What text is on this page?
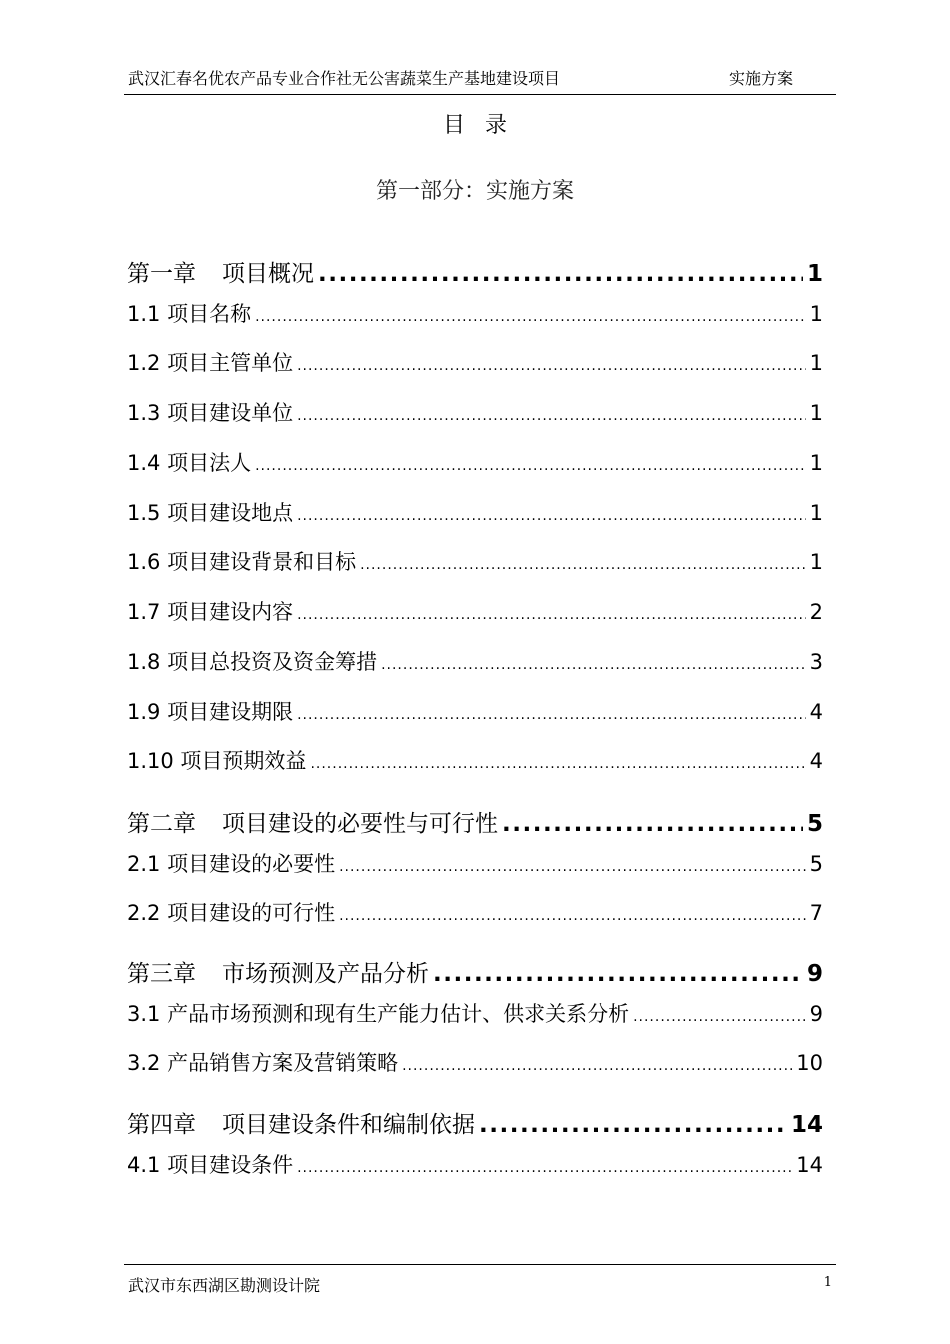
武汉汇春名优农产品专业合作社无公害蔬菜生产基地建设项目	实施方案
目录
第一部分：实施方案
第一章 项目概况 .....	1
1.1 项目名称 .....	1
1.2 项目主管单位 .....	1
1.3 项目建设单位 .....	1
1.4 项目法人 .....	1
1.5 项目建设地点 .....	1
1.6 项目建设背景和目标 .....	1
1.7 项目建设内容 .....	2
1.8 项目总投资及资金筹措 .....	3
1.9 项目建设期限 .....	4
1.10 项目预期效益 .....	4
第二章 项目建设的必要性与可行性 .....	5
2.1 项目建设的必要性 .....	5
2.2 项目建设的可行性 .....	7
第三章 市场预测及产品分析 .....	9
3.1 产品市场预测和现有生产能力估计、供求关系分析 .....	9
3.2 产品销售方案及营销策略 .....	10
第四章 项目建设条件和编制依据 .....	14
4.1 项目建设条件 .....	14
武汉市东西湖区勘测设计院	1
